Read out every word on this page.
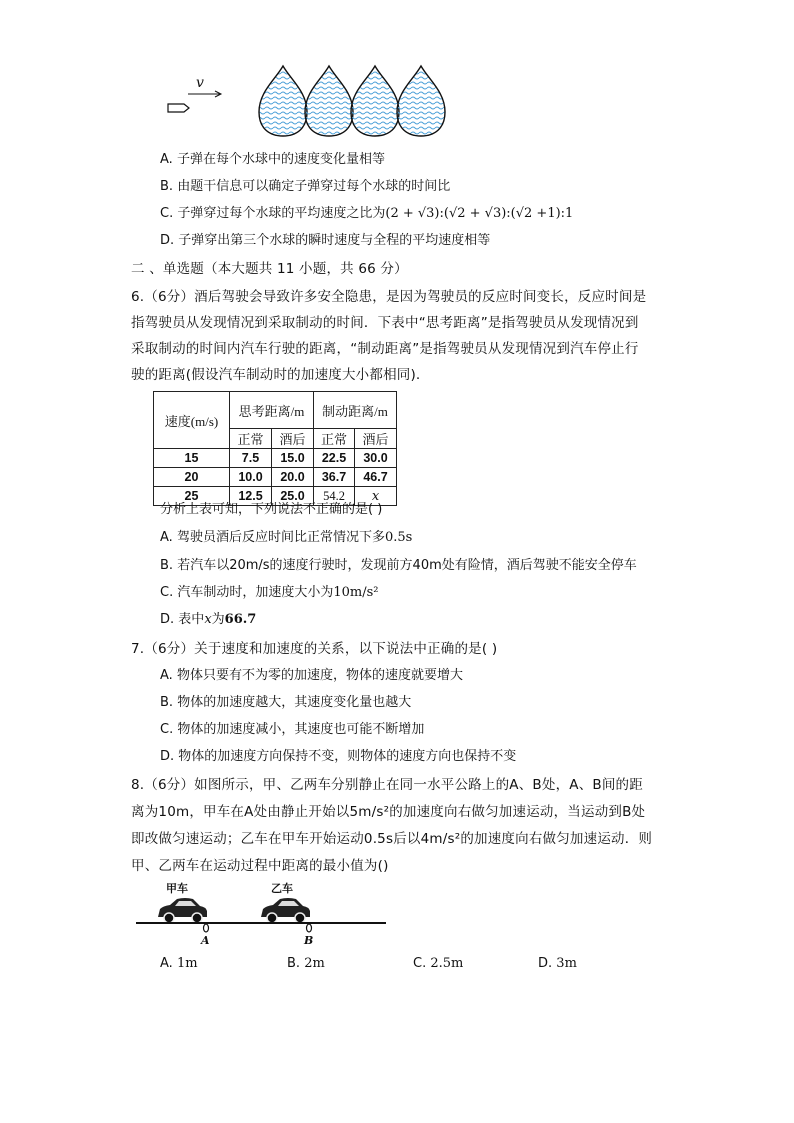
v
A. 子弹在每个水球中的速度变化量相等
B. 由题干信息可以确定子弹穿过每个水球的时间比
C. 子弹穿过每个水球的平均速度之比为(2 + √3):(√2 + √3):(√2 +1):1
D. 子弹穿出第三个水球的瞬时速度与全程的平均速度相等
二 、单选题（本大题共 11 小题，共 66 分）
6.（6分）酒后驾驶会导致许多安全隐患，是因为驾驶员的反应时间变长，反应时间是
指驾驶员从发现情况到采取制动的时间．下表中“思考距离”是指驾驶员从发现情况到
采取制动的时间内汽车行驶的距离，“制动距离”是指驾驶员从发现情况到汽车停止行
驶的距离(假设汽车制动时的加速度大小都相同).
速度(m/s)	思考距离/m		制动距离/m	
	正常	酒后	正常	酒后
15	7.5	15.0	22.5	30.0
20	10.0	20.0	36.7	46.7
25	12.5	25.0	54.2	x
分析上表可知，下列说法不正确的是( )
A. 驾驶员酒后反应时间比正常情况下多0.5s
B. 若汽车以20m/s的速度行驶时，发现前方40m处有险情，酒后驾驶不能安全停车
C. 汽车制动时，加速度大小为10m/s²
D. 表中x为66.7
7.（6分）关于速度和加速度的关系，以下说法中正确的是( )
A. 物体只要有不为零的加速度，物体的速度就要增大
B. 物体的加速度越大，其速度变化量也越大
C. 物体的加速度减小，其速度也可能不断增加
D. 物体的加速度方向保持不变，则物体的速度方向也保持不变
8.（6分）如图所示，甲、乙两车分别静止在同一水平公路上的A、B处，A、B间的距
离为10m，甲车在A处由静止开始以5m/s²的加速度向右做匀加速运动，当运动到B处
即改做匀速运动；乙车在甲车开始运动0.5s后以4m/s²的加速度向右做匀加速运动．则
甲、乙两车在运动过程中距离的最小值为()
甲车	乙车
A	B
A. 1m	B. 2m	C. 2.5m	D. 3m
